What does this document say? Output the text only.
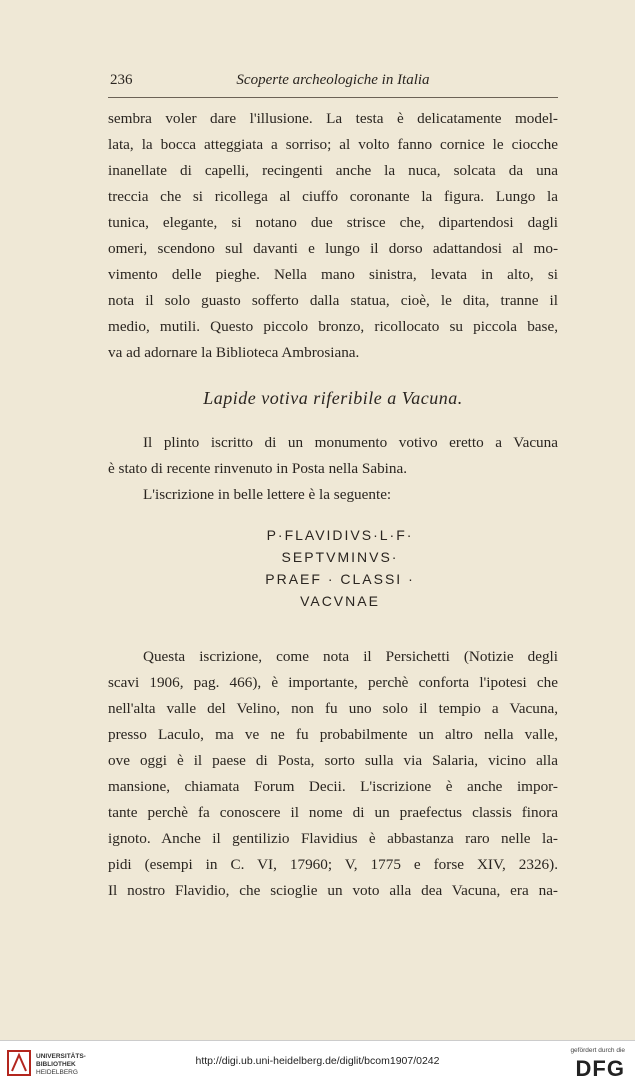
236	Scoperte archeologiche in Italia
sembra voler dare l'illusione. La testa è delicatamente model-
lata, la bocca atteggiata a sorriso; al volto fanno cornice le ciocche
inanellate di capelli, recingenti anche la nuca, solcata da una
treccia che si ricollega al ciuffo coronante la figura. Lungo la
tunica, elegante, si notano due strisce che, dipartendosi dagli
omeri, scendono sul davanti e lungo il dorso adattandosi al mo-
vimento delle pieghe. Nella mano sinistra, levata in alto, si
nota il solo guasto sofferto dalla statua, cioè, le dita, tranne il
medio, mutili. Questo piccolo bronzo, ricollocato su piccola base,
va ad adornare la Biblioteca Ambrosiana.
Lapide votiva riferibile a Vacuna.
Il plinto iscritto di un monumento votivo eretto a Vacuna
è stato di recente rinvenuto in Posta nella Sabina.
L'iscrizione in belle lettere è la seguente:
P·FLAVIDIVS·L·F·
SEPTVMINVS·
PRAEF · CLASSI ·
VACVNAE
Questa iscrizione, come nota il Persichetti (Notizie degli
scavi 1906, pag. 466), è importante, perchè conforta l'ipotesi che
nell'alta valle del Velino, non fu uno solo il tempio a Vacuna,
presso Laculo, ma ve ne fu probabilmente un altro nella valle,
ove oggi è il paese di Posta, sorto sulla via Salaria, vicino alla
mansione, chiamata Forum Decii. L'iscrizione è anche impor-
tante perchè fa conoscere il nome di un praefectus classis finora
ignoto. Anche il gentilizio Flavidius è abbastanza raro nelle la-
pidi (esempi in C. VI, 17960; V, 1775 e forse XIV, 2326).
Il nostro Flavidio, che scioglie un voto alla dea Vacuna, era na-
UNIVERSITÄTS-
BIBLIOTHEK
HEIDELBERG
http://digi.ub.uni-heidelberg.de/diglit/bcom1907/0242
gefördert durch die
DFG
